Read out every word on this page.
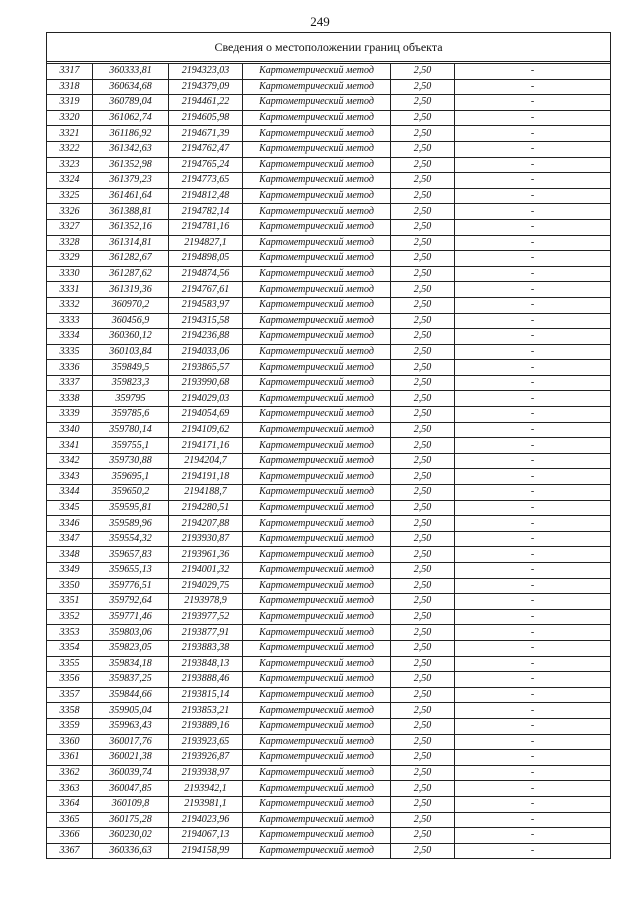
249
Сведения о местоположении границ объекта					

3317	360333,81	2194323,03	Картометрический метод	2,50	-
3318	360634,68	2194379,09	Картометрический метод	2,50	-
3319	360789,04	2194461,22	Картометрический метод	2,50	-
3320	361062,74	2194605,98	Картометрический метод	2,50	-
3321	361186,92	2194671,39	Картометрический метод	2,50	-
3322	361342,63	2194762,47	Картометрический метод	2,50	-
3323	361352,98	2194765,24	Картометрический метод	2,50	-
3324	361379,23	2194773,65	Картометрический метод	2,50	-
3325	361461,64	2194812,48	Картометрический метод	2,50	-
3326	361388,81	2194782,14	Картометрический метод	2,50	-
3327	361352,16	2194781,16	Картометрический метод	2,50	-
3328	361314,81	2194827,1	Картометрический метод	2,50	-
3329	361282,67	2194898,05	Картометрический метод	2,50	-
3330	361287,62	2194874,56	Картометрический метод	2,50	-
3331	361319,36	2194767,61	Картометрический метод	2,50	-
3332	360970,2	2194583,97	Картометрический метод	2,50	-
3333	360456,9	2194315,58	Картометрический метод	2,50	-
3334	360360,12	2194236,88	Картометрический метод	2,50	-
3335	360103,84	2194033,06	Картометрический метод	2,50	-
3336	359849,5	2193865,57	Картометрический метод	2,50	-
3337	359823,3	2193990,68	Картометрический метод	2,50	-
3338	359795	2194029,03	Картометрический метод	2,50	-
3339	359785,6	2194054,69	Картометрический метод	2,50	-
3340	359780,14	2194109,62	Картометрический метод	2,50	-
3341	359755,1	2194171,16	Картометрический метод	2,50	-
3342	359730,88	2194204,7	Картометрический метод	2,50	-
3343	359695,1	2194191,18	Картометрический метод	2,50	-
3344	359650,2	2194188,7	Картометрический метод	2,50	-
3345	359595,81	2194280,51	Картометрический метод	2,50	-
3346	359589,96	2194207,88	Картометрический метод	2,50	-
3347	359554,32	2193930,87	Картометрический метод	2,50	-
3348	359657,83	2193961,36	Картометрический метод	2,50	-
3349	359655,13	2194001,32	Картометрический метод	2,50	-
3350	359776,51	2194029,75	Картометрический метод	2,50	-
3351	359792,64	2193978,9	Картометрический метод	2,50	-
3352	359771,46	2193977,52	Картометрический метод	2,50	-
3353	359803,06	2193877,91	Картометрический метод	2,50	-
3354	359823,05	2193883,38	Картометрический метод	2,50	-
3355	359834,18	2193848,13	Картометрический метод	2,50	-
3356	359837,25	2193888,46	Картометрический метод	2,50	-
3357	359844,66	2193815,14	Картометрический метод	2,50	-
3358	359905,04	2193853,21	Картометрический метод	2,50	-
3359	359963,43	2193889,16	Картометрический метод	2,50	-
3360	360017,76	2193923,65	Картометрический метод	2,50	-
3361	360021,38	2193926,87	Картометрический метод	2,50	-
3362	360039,74	2193938,97	Картометрический метод	2,50	-
3363	360047,85	2193942,1	Картометрический метод	2,50	-
3364	360109,8	2193981,1	Картометрический метод	2,50	-
3365	360175,28	2194023,96	Картометрический метод	2,50	-
3366	360230,02	2194067,13	Картометрический метод	2,50	-
3367	360336,63	2194158,99	Картометрический метод	2,50	-
